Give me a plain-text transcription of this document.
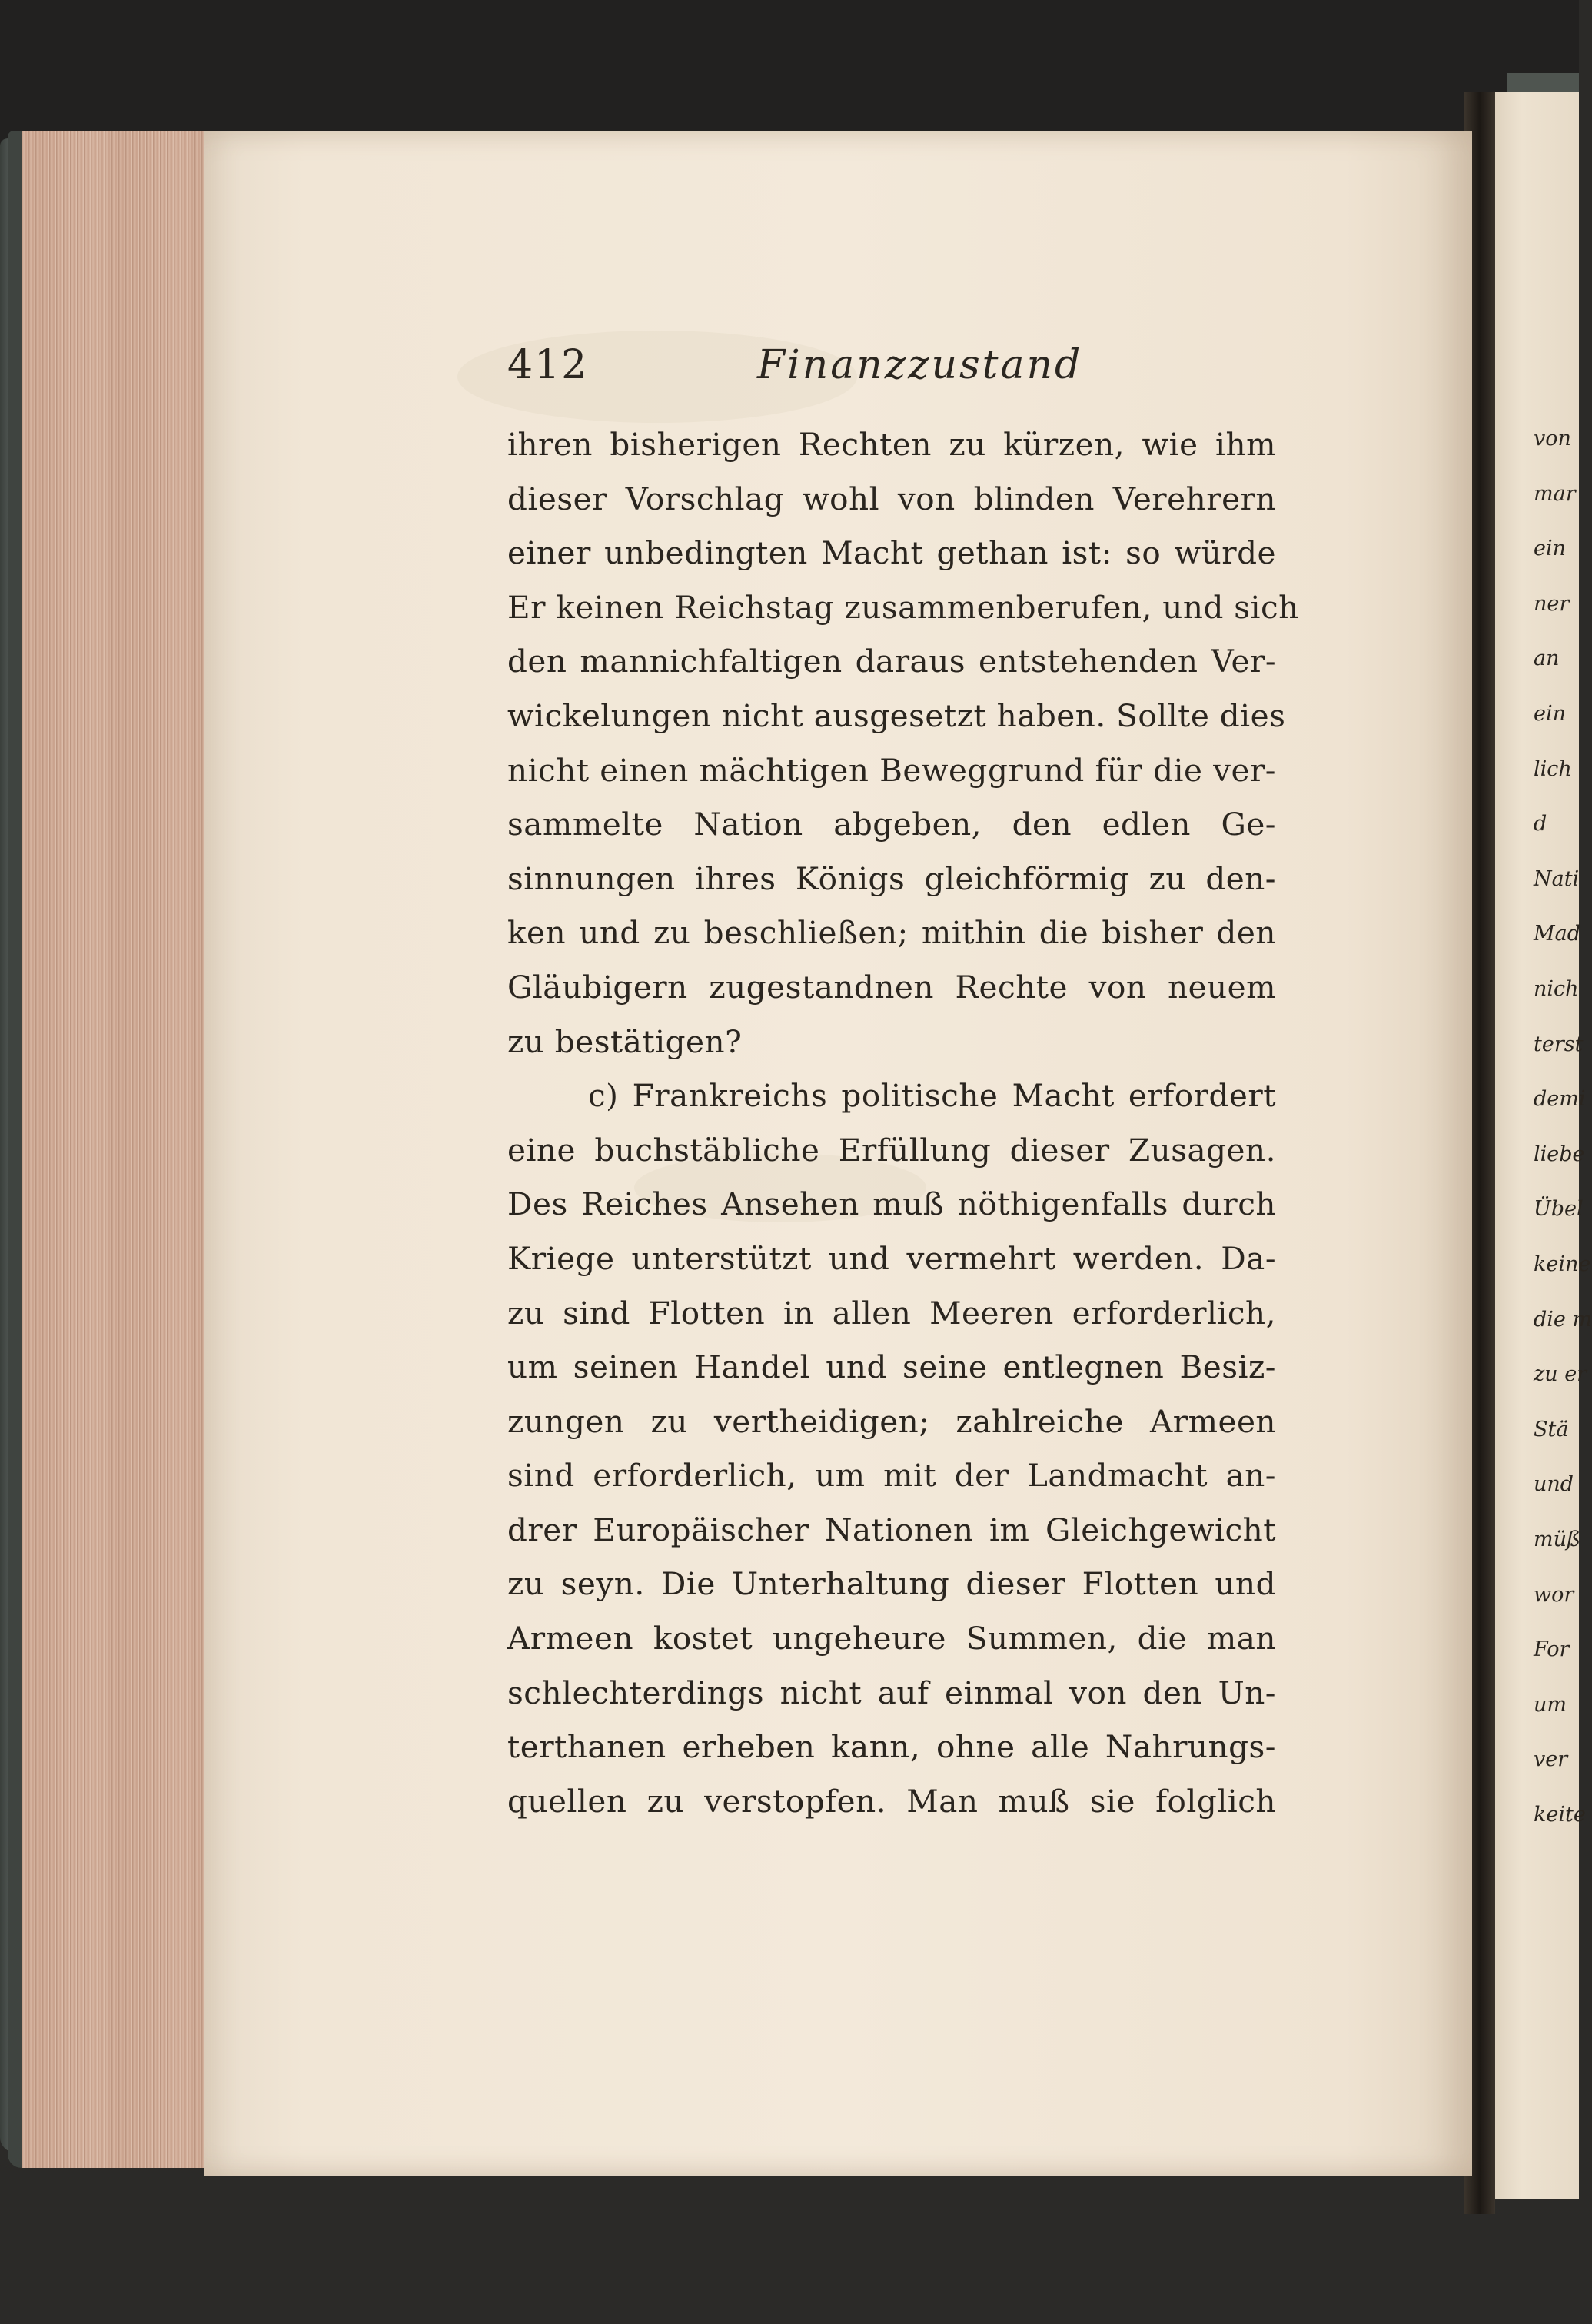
412	Finanzzustand
ihren bisherigen Rechten zu kürzen, wie ihm
dieser Vorschlag wohl von blinden Verehrern
einer unbedingten Macht gethan ist: so würde
Er keinen Reichstag zusammenberufen, und sich
den mannichfaltigen daraus entstehenden Ver-
wickelungen nicht ausgesetzt haben. Sollte dies
nicht einen mächtigen Beweggrund für die ver-
sammelte Nation abgeben, den edlen Ge-
sinnungen ihres Königs gleichförmig zu den-
ken und zu beschließen; mithin die bisher den
Gläubigern zugestandnen Rechte von neuem
zu bestätigen?
c) Frankreichs politische Macht erfordert
eine buchstäbliche Erfüllung dieser Zusagen.
Des Reiches Ansehen muß nöthigenfalls durch
Kriege unterstützt und vermehrt werden. Da-
zu sind Flotten in allen Meeren erforderlich,
um seinen Handel und seine entlegnen Besiz-
zungen zu vertheidigen; zahlreiche Armeen
sind erforderlich, um mit der Landmacht an-
drer Europäischer Nationen im Gleichgewicht
zu seyn. Die Unterhaltung dieser Flotten und
Armeen kostet ungeheure Summen, die man
schlechterdings nicht auf einmal von den Un-
terthanen erheben kann, ohne alle Nahrungs-
quellen zu verstopfen. Man muß sie folglich
von
mar
ein
ner
an
ein
lich
d
Nati
Mad
nich
terst
demi
liebe
Übel
keine
die m
zu er
Stä
und
müß
wor
For
um
ver
keite
